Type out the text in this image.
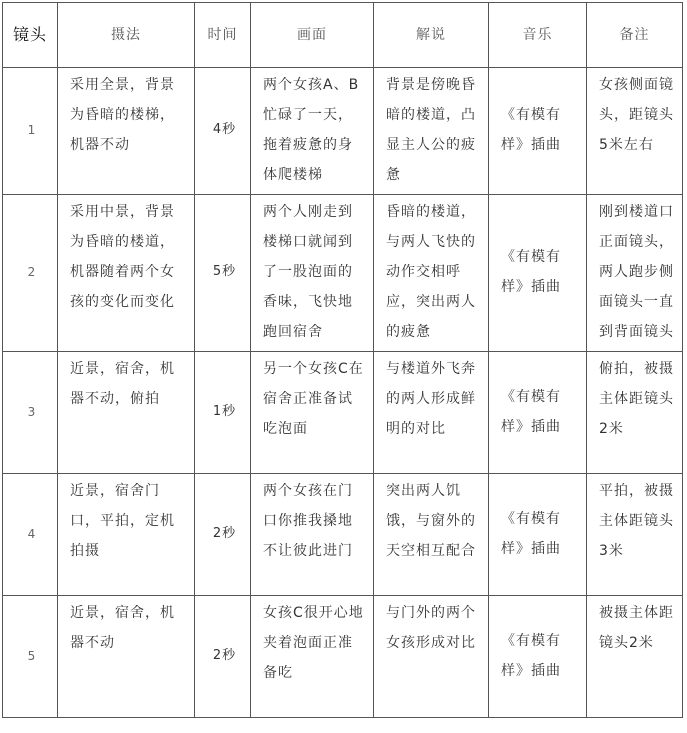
镜头	摄法	时间	画面	解说	音乐	备注
1	采用全景，背景为昏暗的楼梯，机器不动	4秒	两个女孩A、B忙碌了一天，拖着疲惫的身体爬楼梯	背景是傍晚昏暗的楼道，凸显主人公的疲惫	《有模有样》插曲	女孩侧面镜头，距镜头5米左右
2	采用中景，背景为昏暗的楼道，机器随着两个女孩的变化而变化	5秒	两个人刚走到楼梯口就闻到了一股泡面的香味，飞快地跑回宿舍	昏暗的楼道，与两人飞快的动作交相呼应，突出两人的疲惫	《有模有样》插曲	刚到楼道口正面镜头，两人跑步侧面镜头一直到背面镜头
3	近景，宿舍，机器不动，俯拍	1秒	另一个女孩C在宿舍正准备试吃泡面	与楼道外飞奔的两人形成鲜明的对比	《有模有样》插曲	俯拍，被摄主体距镜头2米
4	近景，宿舍门口，平拍，定机拍摄	2秒	两个女孩在门口你推我搡地不让彼此进门	突出两人饥饿，与窗外的天空相互配合	《有模有样》插曲	平拍，被摄主体距镜头3米
5	近景，宿舍，机器不动	2秒	女孩C很开心地夹着泡面正准备吃	与门外的两个女孩形成对比	《有模有样》插曲	被摄主体距镜头2米
